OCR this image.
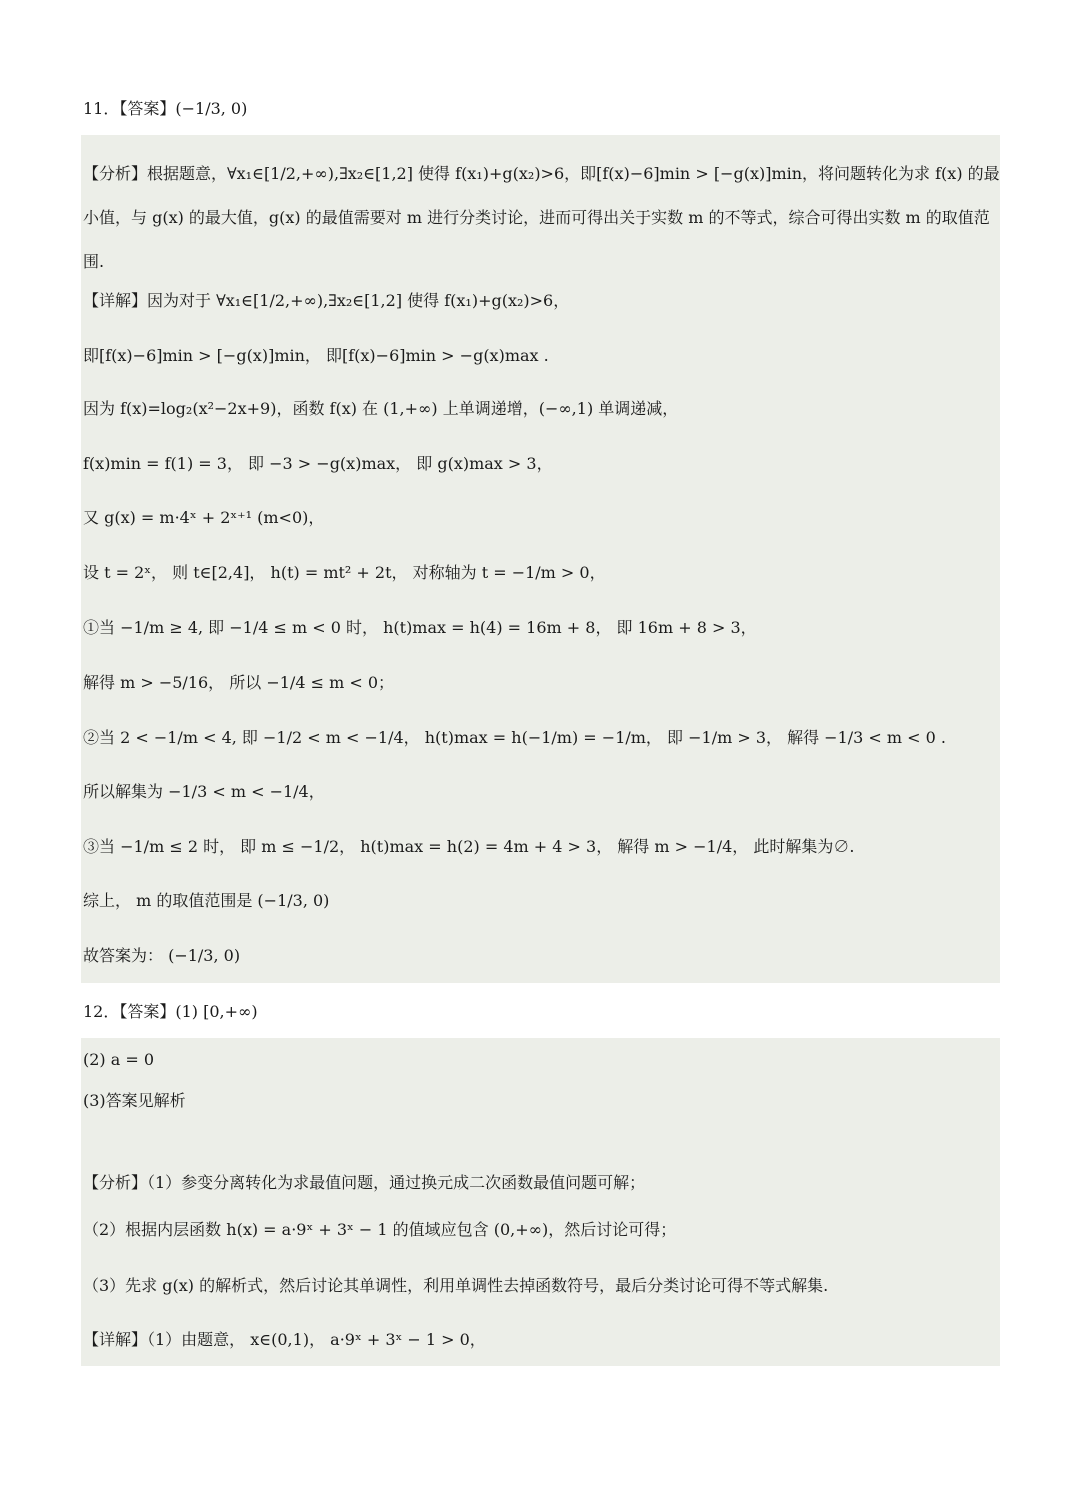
11．【答案】(−1/3, 0)
【分析】根据题意，∀x₁∈[1/2,+∞),∃x₂∈[1,2] 使得 f(x₁)+g(x₂)>6，即[f(x)−6]min > [−g(x)]min，将问题转化为求 f(x) 的最小值，与 g(x) 的最大值，g(x) 的最值需要对 m 进行分类讨论，进而可得出关于实数 m 的不等式，综合可得出实数 m 的取值范围.
【详解】因为对于 ∀x₁∈[1/2,+∞),∃x₂∈[1,2] 使得 f(x₁)+g(x₂)>6，
即[f(x)−6]min > [−g(x)]min， 即[f(x)−6]min > −g(x)max .
因为 f(x)=log₂(x²−2x+9)，函数 f(x) 在 (1,+∞) 上单调递增，(−∞,1) 单调递减，
f(x)min = f(1) = 3， 即 −3 > −g(x)max， 即 g(x)max > 3，
又 g(x) = m·4ˣ + 2ˣ⁺¹ (m<0)，
设 t = 2ˣ， 则 t∈[2,4]， h(t) = mt² + 2t， 对称轴为 t = −1/m > 0，
①当 −1/m ≥ 4, 即 −1/4 ≤ m < 0 时， h(t)max = h(4) = 16m + 8， 即 16m + 8 > 3，
解得 m > −5/16， 所以 −1/4 ≤ m < 0；
②当 2 < −1/m < 4, 即 −1/2 < m < −1/4， h(t)max = h(−1/m) = −1/m， 即 −1/m > 3， 解得 −1/3 < m < 0 .
所以解集为 −1/3 < m < −1/4，
③当 −1/m ≤ 2 时， 即 m ≤ −1/2， h(t)max = h(2) = 4m + 4 > 3， 解得 m > −1/4， 此时解集为∅.
综上， m 的取值范围是 (−1/3, 0)
故答案为： (−1/3, 0)
12．【答案】(1) [0,+∞)
(2) a = 0
(3)答案见解析
【分析】（1）参变分离转化为求最值问题，通过换元成二次函数最值问题可解；
（2）根据内层函数 h(x) = a·9ˣ + 3ˣ − 1 的值域应包含 (0,+∞)，然后讨论可得；
（3）先求 g(x) 的解析式，然后讨论其单调性，利用单调性去掉函数符号，最后分类讨论可得不等式解集.
【详解】（1）由题意， x∈(0,1)， a·9ˣ + 3ˣ − 1 > 0，
